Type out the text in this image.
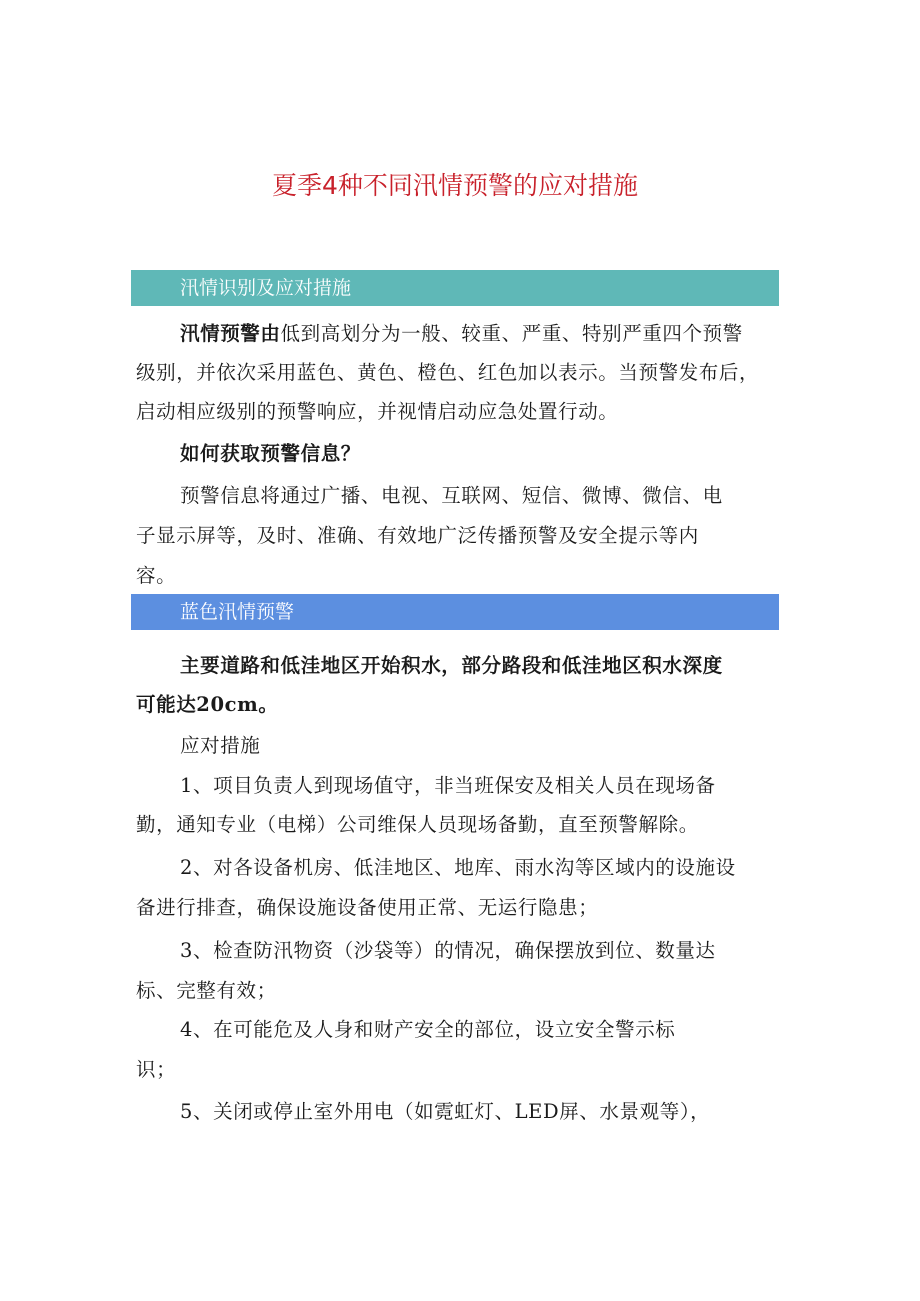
夏季4种不同汛情预警的应对措施
汛情识别及应对措施
汛情预警由低到高划分为一般、较重、严重、特别严重四个预警
级别，并依次采用蓝色、黄色、橙色、红色加以表示。当预警发布后，
启动相应级别的预警响应，并视情启动应急处置行动。
如何获取预警信息？
预警信息将通过广播、电视、互联网、短信、微博、微信、电
子显示屏等，及时、准确、有效地广泛传播预警及安全提示等内
容。
蓝色汛情预警
主要道路和低洼地区开始积水，部分路段和低洼地区积水深度
可能达20cm。
应对措施
1、项目负责人到现场值守，非当班保安及相关人员在现场备
勤，通知专业（电梯）公司维保人员现场备勤，直至预警解除。
2、对各设备机房、低洼地区、地库、雨水沟等区域内的设施设
备进行排查，确保设施设备使用正常、无运行隐患；
3、检查防汛物资（沙袋等）的情况，确保摆放到位、数量达
标、完整有效；
4、在可能危及人身和财产安全的部位，设立安全警示标
识；
5、关闭或停止室外用电（如霓虹灯、LED屏、水景观等），
